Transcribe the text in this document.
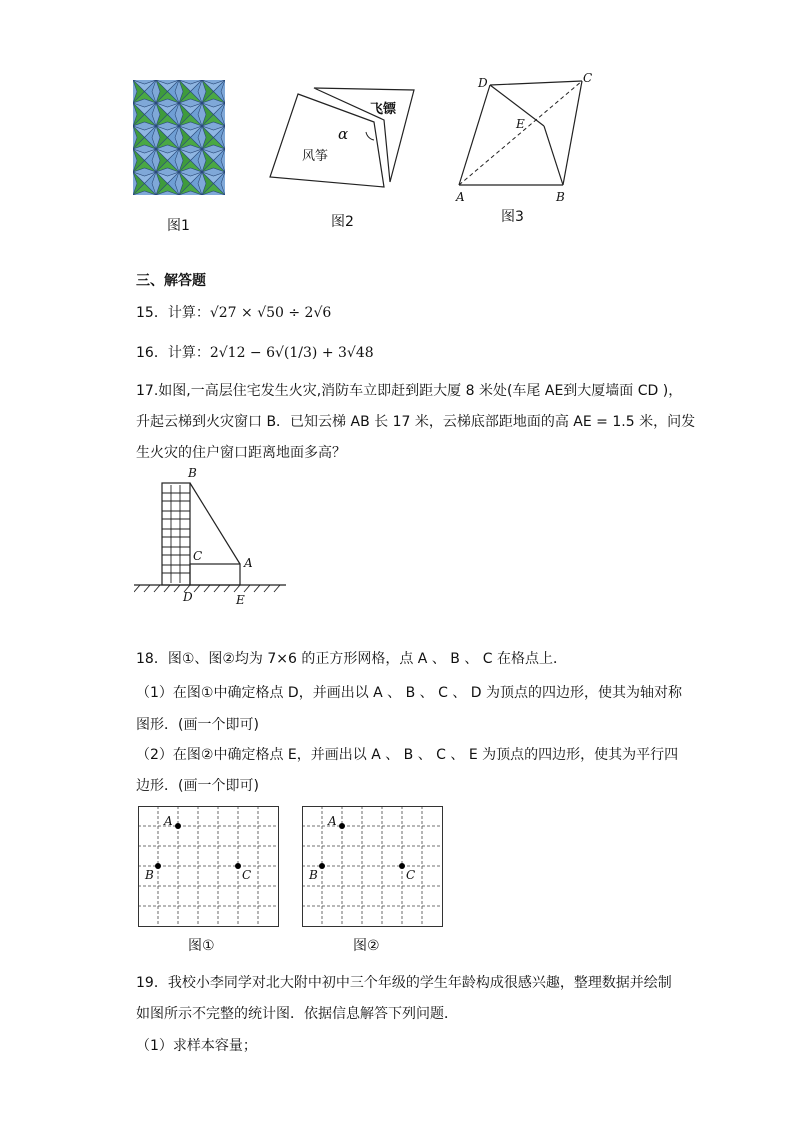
图1
风筝
飞镖
α
图2
D	C
E
A	B
图3
三、解答题
15．计算：√27 × √50 ÷ 2√6
16．计算：2√12 − 6√(1/3) + 3√48
17.如图,一高层住宅发生火灾,消防车立即赶到距大厦 8 米处(车尾 AE到大厦墙面 CD )，
升起云梯到火灾窗口 B．已知云梯 AB 长 17 米，云梯底部距地面的高 AE = 1.5 米，问发
生火灾的住户窗口距离地面多高？
B
C	A
D	E
18．图①、图②均为 7×6 的正方形网格，点 A 、 B 、 C 在格点上．
（1）在图①中确定格点 D，并画出以 A 、 B 、 C 、 D 为顶点的四边形，使其为轴对称
图形．(画一个即可)
（2）在图②中确定格点 E，并画出以 A 、 B 、 C 、 E 为顶点的四边形，使其为平行四
边形．(画一个即可)
A
B	C
图①
A
B	C
图②
19．我校小李同学对北大附中初中三个年级的学生年龄构成很感兴趣，整理数据并绘制
如图所示不完整的统计图．依据信息解答下列问题．
（1）求样本容量；
